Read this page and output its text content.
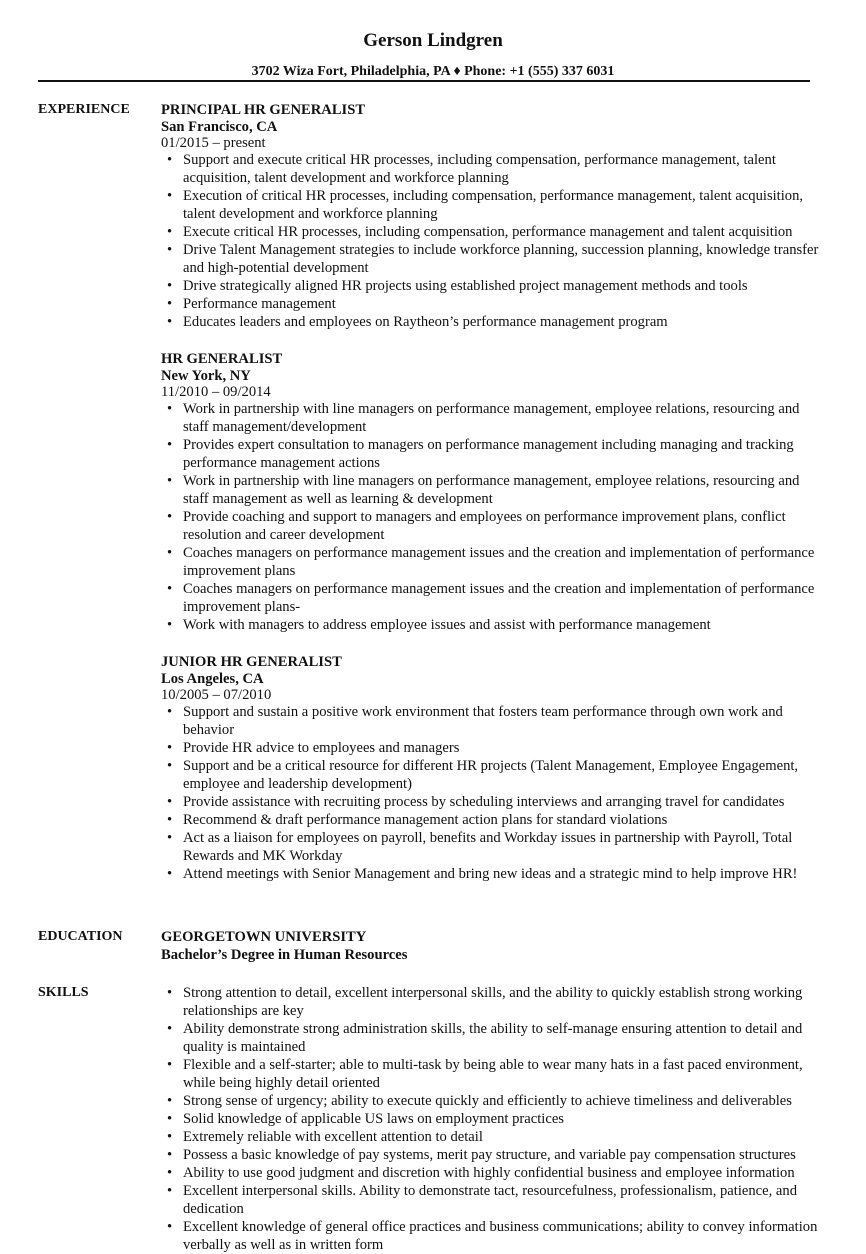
Gerson Lindgren
3702 Wiza Fort, Philadelphia, PA ♦ Phone: +1 (555) 337 6031
EXPERIENCE PRINCIPAL HR GENERALIST
San Francisco, CA
01/2015 – present
• Support and execute critical HR processes, including compensation, performance management, talent acquisition, talent development and workforce planning
• Execution of critical HR processes, including compensation, performance management, talent acquisition, talent development and workforce planning
• Execute critical HR processes, including compensation, performance management and talent acquisition
• Drive Talent Management strategies to include workforce planning, succession planning, knowledge transfer and high-potential development
• Drive strategically aligned HR projects using established project management methods and tools
• Performance management
• Educates leaders and employees on Raytheon’s performance management program
HR GENERALIST
New York, NY
11/2010 – 09/2014
• Work in partnership with line managers on performance management, employee relations, resourcing and staff management/development
• Provides expert consultation to managers on performance management including managing and tracking performance management actions
• Work in partnership with line managers on performance management, employee relations, resourcing and staff management as well as learning & development
• Provide coaching and support to managers and employees on performance improvement plans, conflict resolution and career development
• Coaches managers on performance management issues and the creation and implementation of performance improvement plans
• Coaches managers on performance management issues and the creation and implementation of performance improvement plans-
• Work with managers to address employee issues and assist with performance management
JUNIOR HR GENERALIST
Los Angeles, CA
10/2005 – 07/2010
• Support and sustain a positive work environment that fosters team performance through own work and behavior
• Provide HR advice to employees and managers
• Support and be a critical resource for different HR projects (Talent Management, Employee Engagement, employee and leadership development)
• Provide assistance with recruiting process by scheduling interviews and arranging travel for candidates
• Recommend & draft performance management action plans for standard violations
• Act as a liaison for employees on payroll, benefits and Workday issues in partnership with Payroll, Total Rewards and MK Workday
• Attend meetings with Senior Management and bring new ideas and a strategic mind to help improve HR!
EDUCATION	GEORGETOWN UNIVERSITY
Bachelor’s Degree in Human Resources
SKILLS
•	Strong attention to detail, excellent interpersonal skills, and the ability to quickly establish strong working relationships are key
• Ability demonstrate strong administration skills, the ability to self-manage ensuring attention to detail and quality is maintained
• Flexible and a self-starter; able to multi-task by being able to wear many hats in a fast paced environment, while being highly detail oriented
• Strong sense of urgency; ability to execute quickly and efficiently to achieve timeliness and deliverables
• Solid knowledge of applicable US laws on employment practices
• Extremely reliable with excellent attention to detail
• Possess a basic knowledge of pay systems, merit pay structure, and variable pay compensation structures
• Ability to use good judgment and discretion with highly confidential business and employee information
• Excellent interpersonal skills. Ability to demonstrate tact, resourcefulness, professionalism, patience, and dedication
• Excellent knowledge of general office practices and business communications; ability to convey information verbally as well as in written form
